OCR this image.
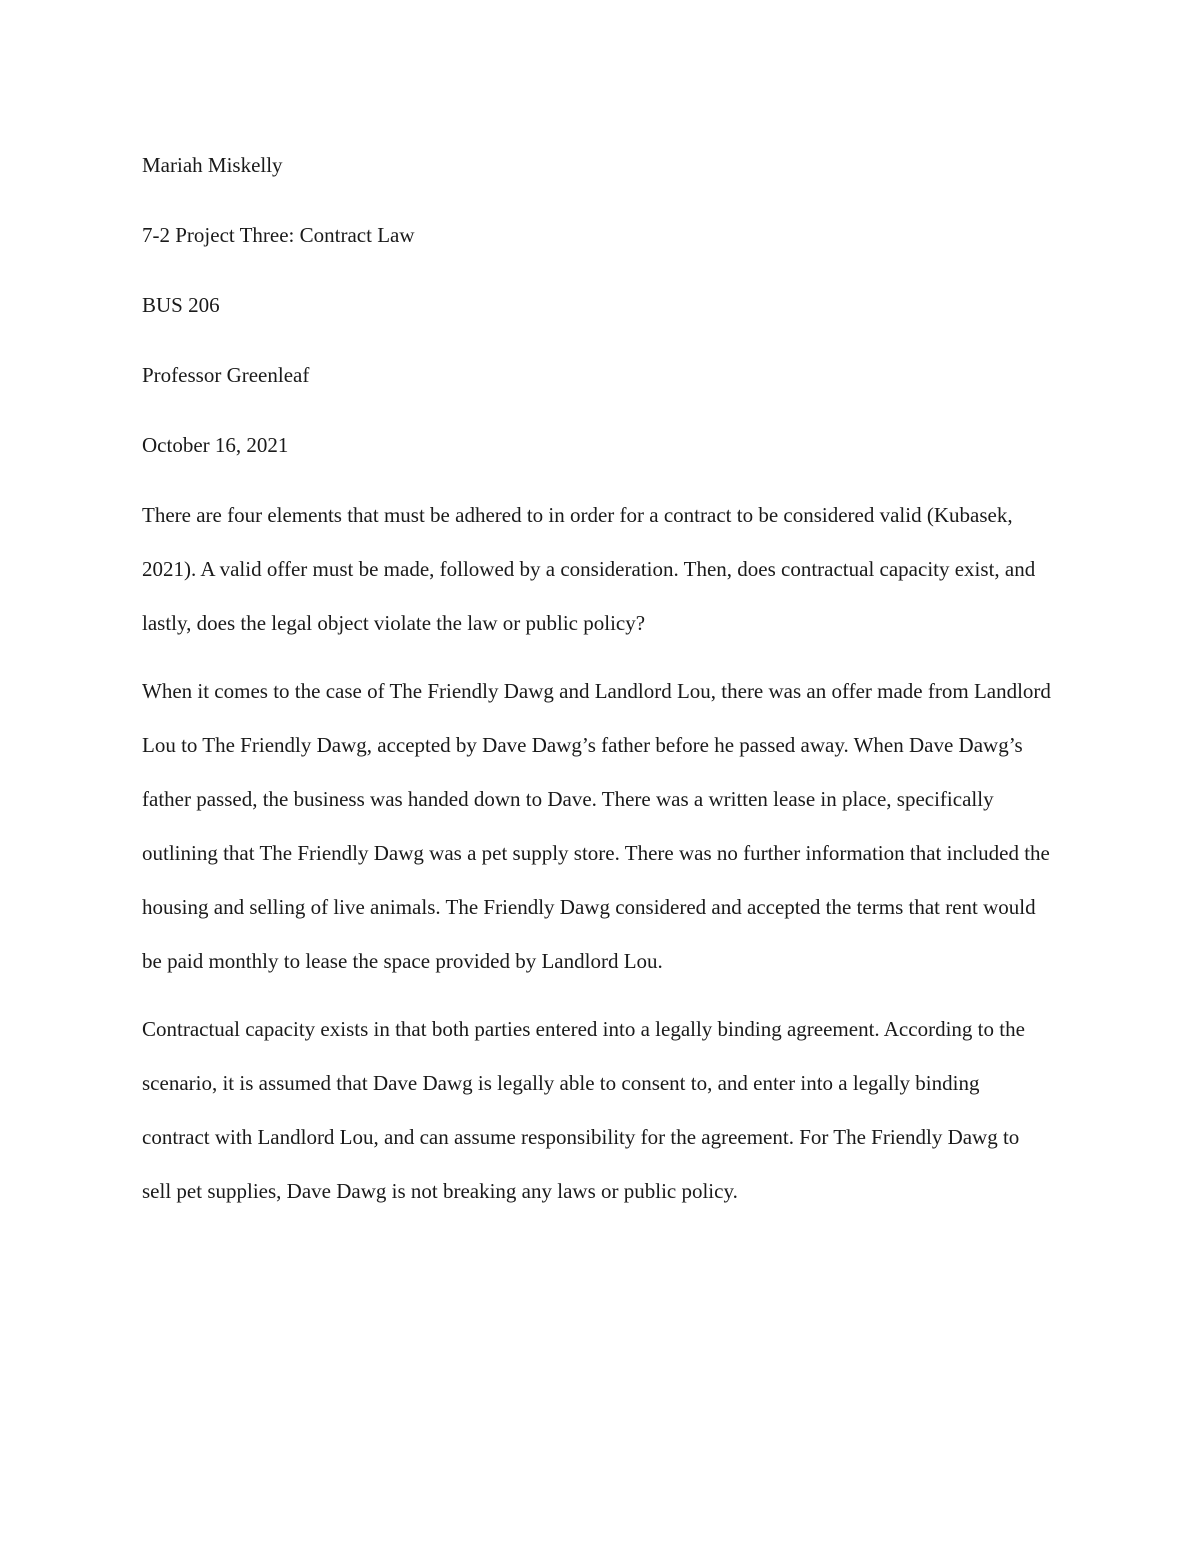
Mariah Miskelly

7-2 Project Three: Contract Law

BUS 206

Professor Greenleaf

October 16, 2021

There are four elements that must be adhered to in order for a contract to be considered valid (Kubasek, 2021). A valid offer must be made, followed by a consideration. Then, does contractual capacity exist, and lastly, does the legal object violate the law or public policy?

When it comes to the case of The Friendly Dawg and Landlord Lou, there was an offer made from Landlord Lou to The Friendly Dawg, accepted by Dave Dawg’s father before he passed away. When Dave Dawg’s father passed, the business was handed down to Dave. There was a written lease in place, specifically outlining that The Friendly Dawg was a pet supply store. There was no further information that included the housing and selling of live animals. The Friendly Dawg considered and accepted the terms that rent would be paid monthly to lease the space provided by Landlord Lou.

Contractual capacity exists in that both parties entered into a legally binding agreement. According to the scenario, it is assumed that Dave Dawg is legally able to consent to, and enter into a legally binding contract with Landlord Lou, and can assume responsibility for the agreement. For The Friendly Dawg to sell pet supplies, Dave Dawg is not breaking any laws or public policy.
